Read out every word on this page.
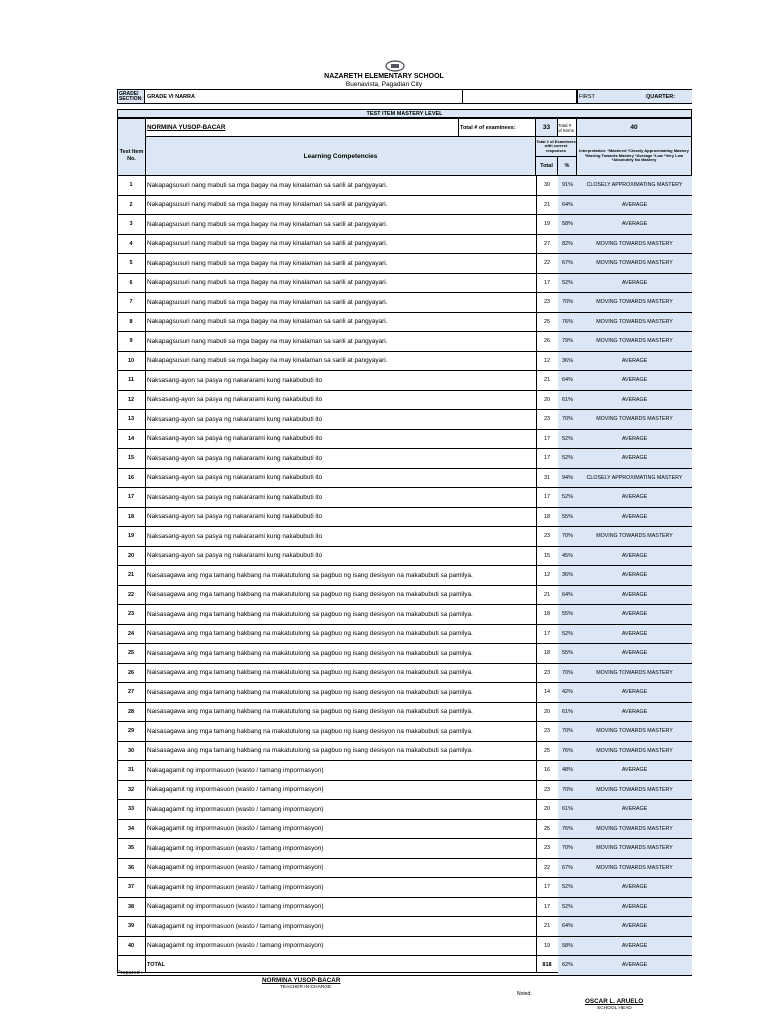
NAZARETH ELEMENTARY SCHOOL
Buenavista, Pagadian City
GRADE/ SECTION: GRADE VI NARRA	QUARTER:
FIRST
TEST ITEM MASTERY LEVEL
NORMINA YUSOP-BACAR	Total # of examinees:	33	Total # of Items	40
Test Item No.	Learning Competencies
Total # of Examinees with correct responses
Total	%
Interpretation: *Mastered *Closely Approximating Mastery *Moving Towards Mastery *Average *Low *Very Low *Absolutely No Mastery
1	Nakapagsusuri nang mabuti sa mga bagay na may kinalaman sa sarili at pangyayari.	30	91%	CLOSELY APPROXIMATING MASTERY
2	Nakapagsusuri nang mabuti sa mga bagay na may kinalaman sa sarili at pangyayari.	21	64%	AVERAGE
3	Nakapagsusuri nang mabuti sa mga bagay na may kinalaman sa sarili at pangyayari.	19	58%	AVERAGE
4	Nakapagsusuri nang mabuti sa mga bagay na may kinalaman sa sarili at pangyayari.	27	82%	MOVING TOWARDS MASTERY
5	Nakapagsusuri nang mabuti sa mga bagay na may kinalaman sa sarili at pangyayari.	22	67%	MOVING TOWARDS MASTERY
6	Nakapagsusuri nang mabuti sa mga bagay na may kinalaman sa sarili at pangyayari.	17	52%	AVERAGE
7	Nakapagsusuri nang mabuti sa mga bagay na may kinalaman sa sarili at pangyayari.	23	70%	MOVING TOWARDS MASTERY
8	Nakapagsusuri nang mabuti sa mga bagay na may kinalaman sa sarili at pangyayari.	25	76%	MOVING TOWARDS MASTERY
9	Nakapagsusuri nang mabuti sa mga bagay na may kinalaman sa sarili at pangyayari.	26	79%	MOVING TOWARDS MASTERY
10	Nakapagsusuri nang mabuti sa mga bagay na may kinalaman sa sarili at pangyayari.	12	36%	AVERAGE
11	Naksasang-ayon sa pasya ng nakararami kung nakabubuti ito	21	64%	AVERAGE
12	Naksasang-ayon sa pasya ng nakararami kung nakabubuti ito	20	61%	AVERAGE
13	Naksasang-ayon sa pasya ng nakararami kung nakabubuti ito	23	70%	MOVING TOWARDS MASTERY
14	Naksasang-ayon sa pasya ng nakararami kung nakabubuti ito	17	52%	AVERAGE
15	Naksasang-ayon sa pasya ng nakararami kung nakabubuti ito	17	52%	AVERAGE
16	Naksasang-ayon sa pasya ng nakararami kung nakabubuti ito	31	94%	CLOSELY APPROXIMATING MASTERY
17	Naksasang-ayon sa pasya ng nakararami kung nakabubuti ito	17	52%	AVERAGE
18	Naksasang-ayon sa pasya ng nakararami kung nakabubuti ito	18	55%	AVERAGE
19	Naksasang-ayon sa pasya ng nakararami kung nakabubuti ito	23	70%	MOVING TOWARDS MASTERY
20	Naksasang-ayon sa pasya ng nakararami kung nakabubuti ito	15	45%	AVERAGE
21	Naisasagawa ang mga tamang hakbang na makatutulong sa pagbuo ng isang desisyon na makabubuti sa pamilya.	12	36%	AVERAGE
22	Naisasagawa ang mga tamang hakbang na makatutulong sa pagbuo ng isang desisyon na makabubuti sa pamilya.	21	64%	AVERAGE
23	Naisasagawa ang mga tamang hakbang na makatutulong sa pagbuo ng isang desisyon na makabubuti sa pamilya.	18	55%	AVERAGE
24	Naisasagawa ang mga tamang hakbang na makatutulong sa pagbuo ng isang desisyon na makabubuti sa pamilya.	17	52%	AVERAGE
25	Naisasagawa ang mga tamang hakbang na makatutulong sa pagbuo ng isang desisyon na makabubuti sa pamilya.	18	55%	AVERAGE
26	Naisasagawa ang mga tamang hakbang na makatutulong sa pagbuo ng isang desisyon na makabubuti sa pamilya.	23	70%	MOVING TOWARDS MASTERY
27	Naisasagawa ang mga tamang hakbang na makatutulong sa pagbuo ng isang desisyon na makabubuti sa pamilya.	14	42%	AVERAGE
28	Naisasagawa ang mga tamang hakbang na makatutulong sa pagbuo ng isang desisyon na makabubuti sa pamilya.	20	61%	AVERAGE
29	Naisasagawa ang mga tamang hakbang na makatutulong sa pagbuo ng isang desisyon na makabubuti sa pamilya.	23	70%	MOVING TOWARDS MASTERY
30	Naisasagawa ang mga tamang hakbang na makatutulong sa pagbuo ng isang desisyon na makabubuti sa pamilya.	25	76%	MOVING TOWARDS MASTERY
31	Nakagagamit ng impormasuon (wasto / tamang impormasyon)	16	48%	AVERAGE
32	Nakagagamit ng impormasuon (wasto / tamang impormasyon)	23	70%	MOVING TOWARDS MASTERY
33	Nakagagamit ng impormasuon (wasto / tamang impormasyon)	20	61%	AVERAGE
34	Nakagagamit ng impormasuon (wasto / tamang impormasyon)	25	76%	MOVING TOWARDS MASTERY
35	Nakagagamit ng impormasuon (wasto / tamang impormasyon)	23	70%	MOVING TOWARDS MASTERY
36	Nakagagamit ng impormasuon (wasto / tamang impormasyon)	22	67%	MOVING TOWARDS MASTERY
37	Nakagagamit ng impormasuon (wasto / tamang impormasyon)	17	52%	AVERAGE
38	Nakagagamit ng impormasuon (wasto / tamang impormasyon)	17	52%	AVERAGE
39	Nakagagamit ng impormasuon (wasto / tamang impormasyon)	21	64%	AVERAGE
40	Nakagagamit ng impormasuon (wasto / tamang impormasyon)	19	58%	AVERAGE
TOTAL	818	62%	AVERAGE
Prepared :
NORMINA YUSOP-BACAR
TEACHER IN-CHARGE
Noted:
OSCAR L. ARUELO
SCHOOL HEAD
